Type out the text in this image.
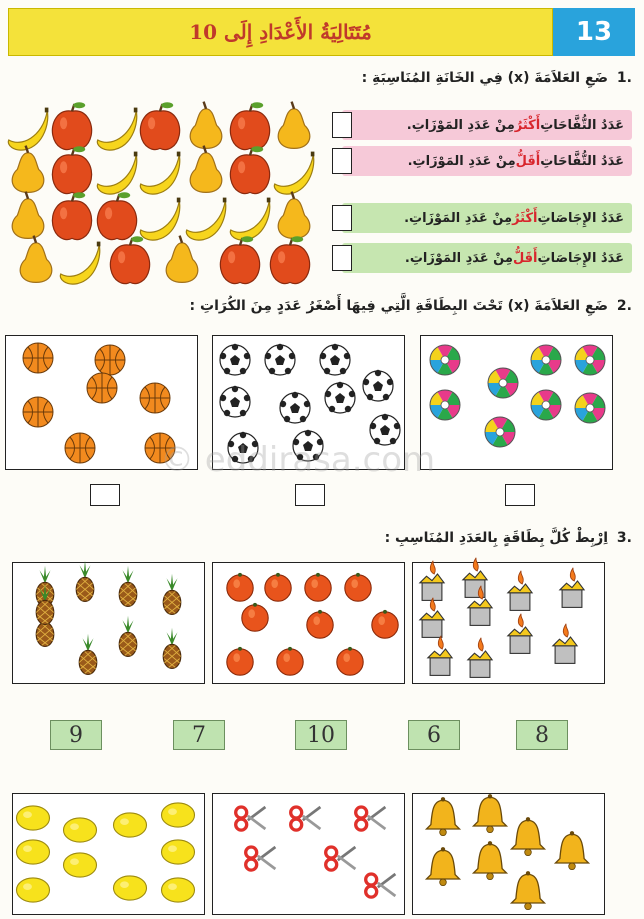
مُتَتَالِيَةُ الأَعْدَادِ إِلَى 10	13
.1 ضَعِ العَلاَمَةَ (x) فِي الخَانَةِ المُنَاسِبَةِ :
عَدَدُ التُّفَّاحَاتِ
أَكْثَرُ
مِنْ عَدَدِ المَوْزَاتِ.
عَدَدُ التُّفَّاحَاتِ
أَقَلُّ
مِنْ عَدَدِ المَوْزَاتِ.
عَدَدُ الإِجَاصَاتِ
أَكْثَرُ
مِنْ عَدَدِ المَوْزَاتِ.
عَدَدُ الإِجَاصَاتِ
أَقَلُّ
مِنْ عَدَدِ المَوْزَاتِ.
.2 ضَعِ العَلاَمَةَ (x) تَحْتَ البِطَاقَةِ الَّتِي فِيهَا أَصْغَرُ عَدَدٍ مِنَ الكُرَاتِ :
© eddirasa.com
.3 اِرْبِطْ كُلَّ بِطَاقَةٍ بِالعَدَدِ المُنَاسِبِ :
9	7	10	6	8
